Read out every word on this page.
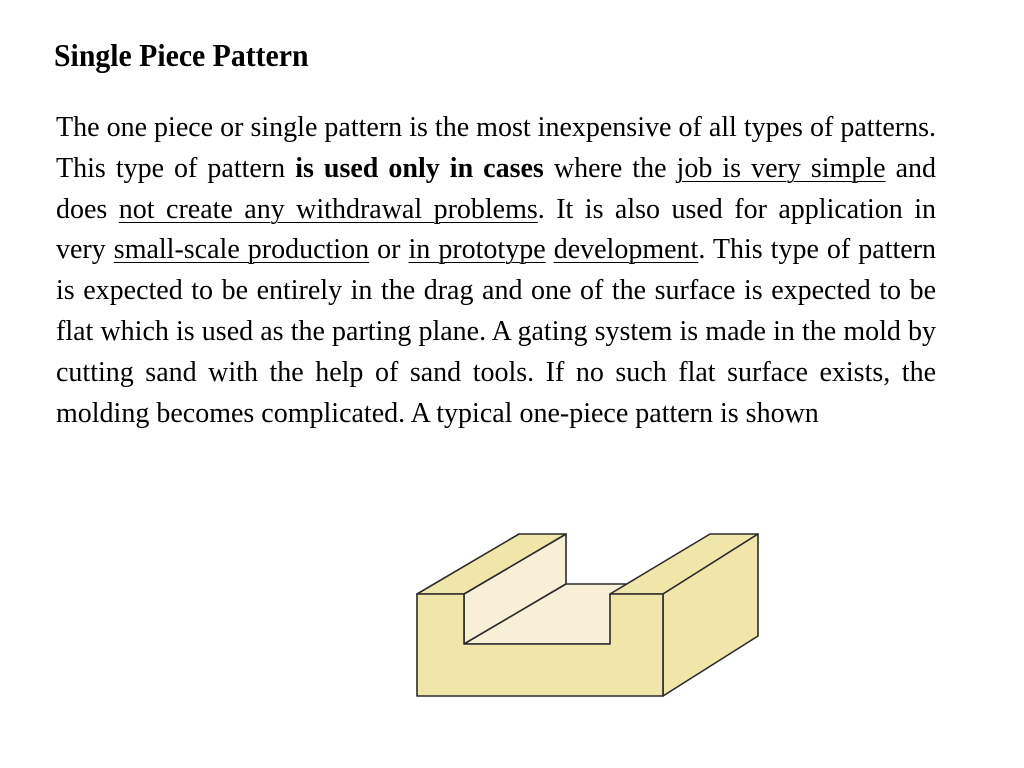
Single Piece Pattern

The one piece or single pattern is the most inexpensive of all types of patterns. This type of pattern is used only in cases where the job is very simple and does not create any withdrawal problems. It is also used for application in very small-scale production or in prototype development. This type of pattern is expected to be entirely in the drag and one of the surface is expected to be flat which is used as the parting plane. A gating system is made in the mold by cutting sand with the help of sand tools. If no such flat surface exists, the molding becomes complicated. A typical one-piece pattern is shown
